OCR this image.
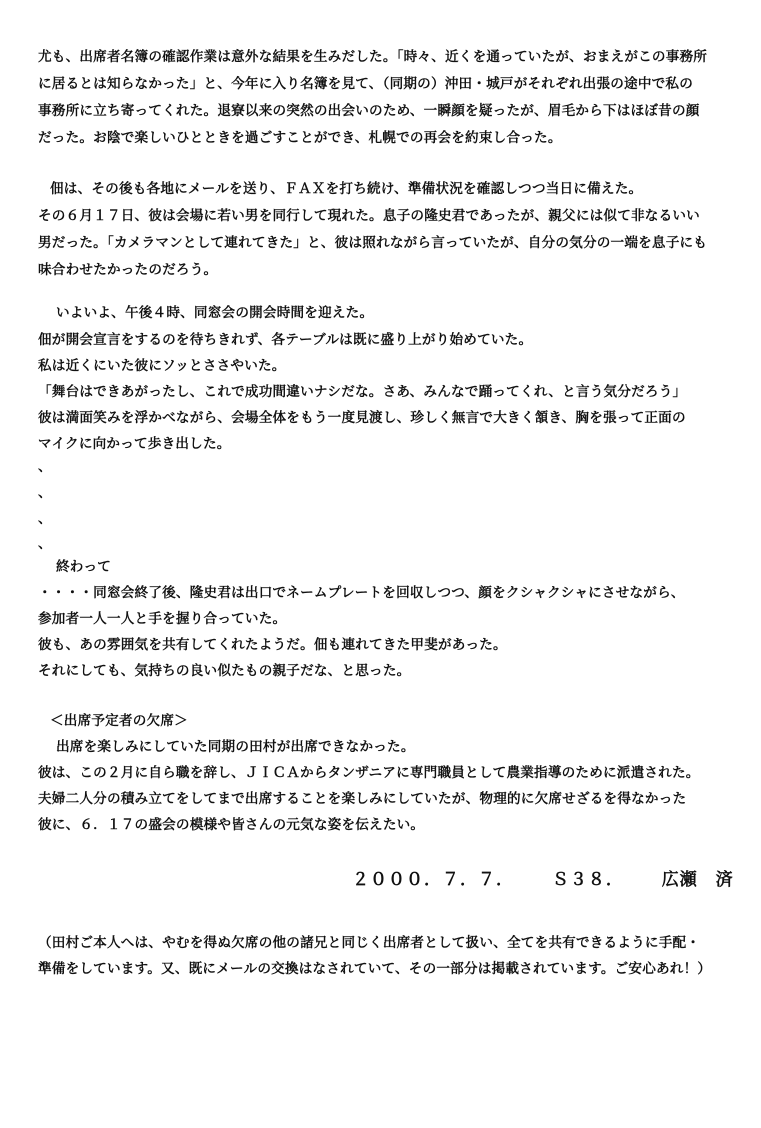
尤も、出席者名簿の確認作業は意外な結果を生みだした。「時々、近くを通っていたが、おまえがこの事務所
に居るとは知らなかった」と、今年に入り名簿を見て、（同期の）沖田・城戸がそれぞれ出張の途中で私の
事務所に立ち寄ってくれた。退寮以来の突然の出会いのため、一瞬顔を疑ったが、眉毛から下はほぼ昔の顔
だった。お陰で楽しいひとときを過ごすことができ、札幌での再会を約束し合った。
佃は、その後も各地にメールを送り、ＦＡＸを打ち続け、準備状況を確認しつつ当日に備えた。
その６月１７日、彼は会場に若い男を同行して現れた。息子の隆史君であったが、親父には似て非なるいい
男だった。「カメラマンとして連れてきた」と、彼は照れながら言っていたが、自分の気分の一端を息子にも
味合わせたかったのだろう。
いよいよ、午後４時、同窓会の開会時間を迎えた。
佃が開会宣言をするのを待ちきれず、各テーブルは既に盛り上がり始めていた。
私は近くにいた彼にソッとささやいた。
「舞台はできあがったし、これで成功間違いナシだな。さあ、みんなで踊ってくれ、と言う気分だろう」
彼は満面笑みを浮かべながら、会場全体をもう一度見渡し、珍しく無言で大きく頷き、胸を張って正面の
マイクに向かって歩き出した。
、
、
、
、
終わって
・・・・同窓会終了後、隆史君は出口でネームプレートを回収しつつ、顔をクシャクシャにさせながら、
参加者一人一人と手を握り合っていた。
彼も、あの雰囲気を共有してくれたようだ。佃も連れてきた甲斐があった。
それにしても、気持ちの良い似たもの親子だな、と思った。
＜出席予定者の欠席＞
出席を楽しみにしていた同期の田村が出席できなかった。
彼は、この２月に自ら職を辞し、ＪＩＣＡからタンザニアに専門職員として農業指導のために派遣された。
夫婦二人分の積み立てをしてまで出席することを楽しみにしていたが、物理的に欠席せざるを得なかった
彼に、６．１７の盛会の模様や皆さんの元気な姿を伝えたい。
２０００．７．７． Ｓ３８． 広瀬　済
（田村ご本人へは、やむを得ぬ欠席の他の諸兄と同じく出席者として扱い、全てを共有できるように手配・
準備をしています。又、既にメールの交換はなされていて、その一部分は掲載されています。ご安心あれ！）
